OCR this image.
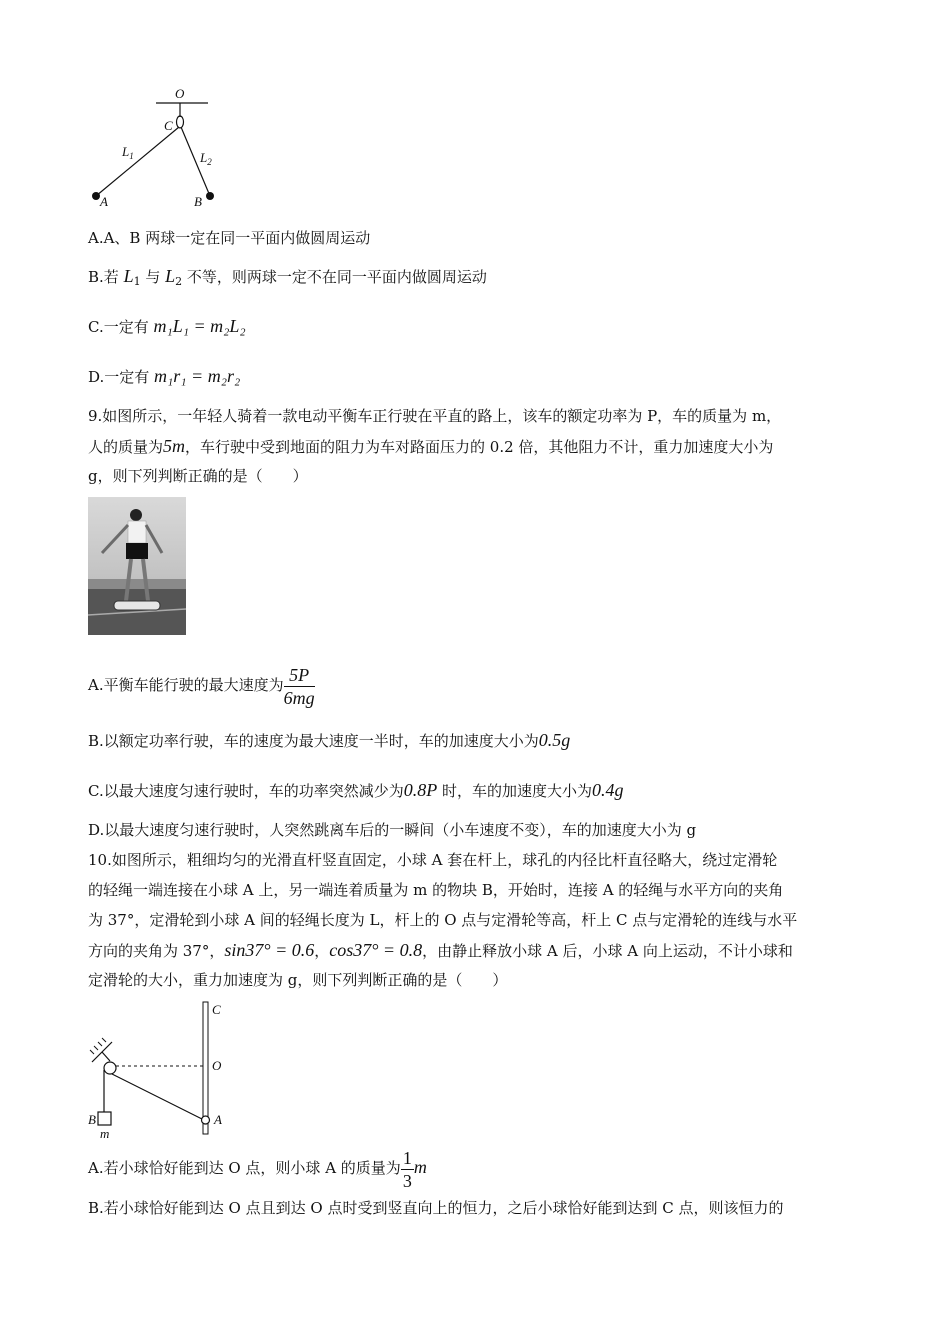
O
C
$L_1$	$L_2$
A	B
A.A、B 两球一定在同一平面内做圆周运动
B.若 $L_1$ 与 $L_2$ 不等，则两球一定不在同一平面内做圆周运动
C.一定有 m₁L₁ = m₂L₂
D.一定有 m₁r₁ = m₂r₂
9.如图所示，一年轻人骑着一款电动平衡车正行驶在平直的路上，该车的额定功率为 P，车的质量为 m，
人的质量为5m，车行驶中受到地面的阻力为车对路面压力的 0.2 倍，其他阻力不计，重力加速度大小为
g，则下列判断正确的是（　　）
A.平衡车能行驶的最大速度为 $\frac{5P}{6mg}$
B.以额定功率行驶，车的速度为最大速度一半时，车的加速度大小为0.5g
C.以最大速度匀速行驶时，车的功率突然减少为0.8P 时，车的加速度大小为0.4g
D.以最大速度匀速行驶时，人突然跳离车后的一瞬间（小车速度不变），车的加速度大小为 g
10.如图所示，粗细均匀的光滑直杆竖直固定，小球 A 套在杆上，球孔的内径比杆直径略大，绕过定滑轮
的轻绳一端连接在小球 A 上，另一端连着质量为 m 的物块 B，开始时，连接 A 的轻绳与水平方向的夹角
为 37°，定滑轮到小球 A 间的轻绳长度为 L，杆上的 O 点与定滑轮等高，杆上 C 点与定滑轮的连线与水平
方向的夹角为 37°，sin37° = 0.6，cos37° = 0.8，由静止释放小球 A 后，小球 A 向上运动，不计小球和
定滑轮的大小，重力加速度为 g，则下列判断正确的是（　　）
C
O
A
B
m
A.若小球恰好能到达 O 点，则小球 A 的质量为 $\frac{1}{3}$ m
B.若小球恰好能到达 O 点且到达 O 点时受到竖直向上的恒力，之后小球恰好能到达到 C 点，则该恒力的
